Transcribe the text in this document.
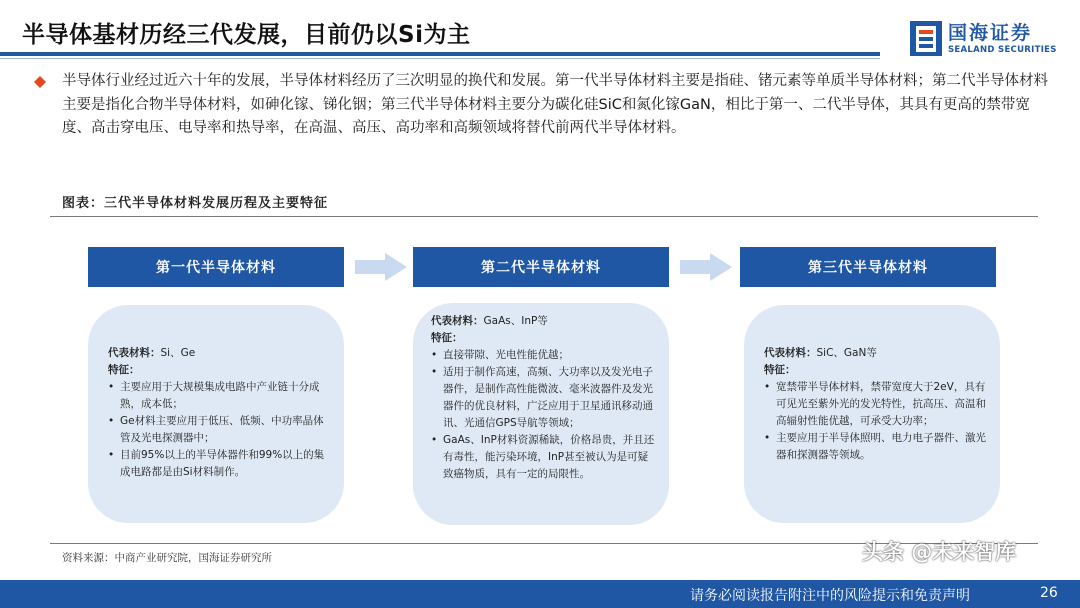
半导体基材历经三代发展，目前仍以Si为主	国海证券
SEALAND SECURITIES
半导体行业经过近六十年的发展，半导体材料经历了三次明显的换代和发展。第一代半导体材料主要是指硅、锗元素等单质半导体材料；第二代半导体材料主要是指化合物半导体材料，如砷化镓、锑化铟；第三代半导体材料主要分为碳化硅SiC和氮化镓GaN，相比于第一、二代半导体，其具有更高的禁带宽度、高击穿电压、电导率和热导率，在高温、高压、高功率和高频领域将替代前两代半导体材料。
图表：三代半导体材料发展历程及主要特征
第一代半导体材料	第二代半导体材料	第三代半导体材料
代表材料：Si、Ge
特征：
• 主要应用于大规模集成电路中产业链十分成熟，成本低；
• Ge材料主要应用于低压、低频、中功率晶体管及光电探测器中；
• 目前95%以上的半导体器件和99%以上的集成电路都是由Si材料制作。
代表材料：GaAs、InP等
特征：
• 直接带隙、光电性能优越；
• 适用于制作高速，高频、大功率以及发光电子器件，是制作高性能微波、毫米波器件及发光器件的优良材料，广泛应用于卫星通讯移动通讯、光通信GPS导航等领域；
• GaAs、InP材料资源稀缺，价格昂贵，并且还有毒性，能污染环境，InP甚至被认为是可疑致癌物质，具有一定的局限性。
代表材料：SiC、GaN等
特征：
• 宽禁带半导体材料，禁带宽度大于2eV，具有可见光至紫外光的发光特性，抗高压、高温和高辐射性能优越，可承受大功率；
• 主要应用于半导体照明、电力电子器件、激光器和探测器等领域。
资料来源：中商产业研究院，国海证券研究所
请务必阅读报告附注中的风险提示和免责声明	26
头条 @未来智库
